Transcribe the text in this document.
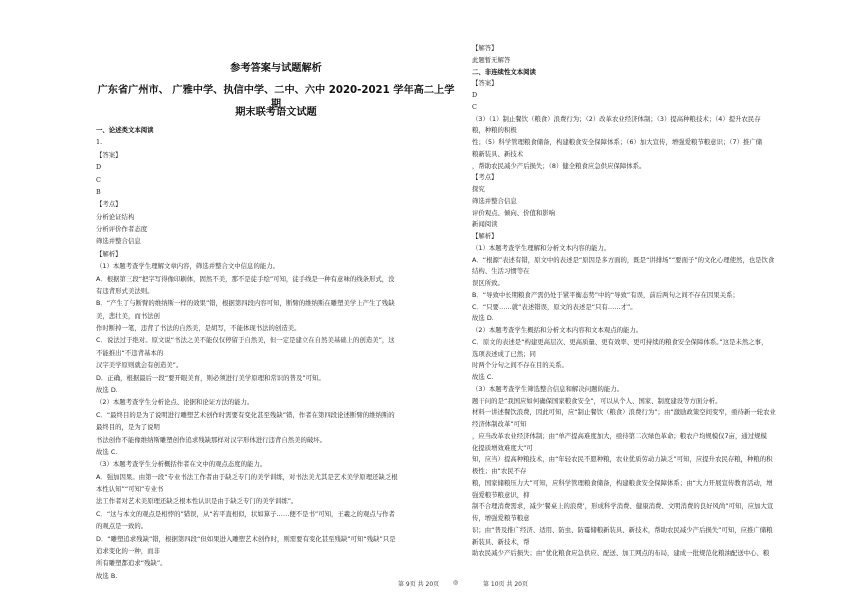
参考答案与试题解析
广东省广州市、 广雅中学、执信中学、二中、六中 2020-2021 学年高二上学期
期末联考语文试题
一、论述类文本阅读
1.
【答案】
D
C
B
【考点】
分析论证结构
分析评价作者态度
筛选并整合信息
【解析】
（1）本题考查学生理解文章内容，筛选并整合文中信息的能力。
A．根据第三段“把字写得像印刷体，固然不美，那不是徒手绘”可知，徒手线是一种有意味的线条形式，没
有违背形式美法则。
B．“产生了与断臂的维纳斯一样的效果”错，根据第四段内容可知，断臂的维纳斯在雕塑美学上产生了残缺
美，悲壮美，而书法创
作时断掉一笔，违背了书法的自然美，是胡写，不能体现书法的创造美。
C．说法过于绝对。原文说“书法之美不能仅仅停留于自然美，但一定是建立在自然美基础上的创造美”，这
不能推出“不违背基本的
汉字美学原则就会有创造美”。
D．正确，根据最后一段“要开眼美育，则必须进行美学原理和常识的普及”可知。
故选 D.
（2）本题考查学生分析论点、论据和论证方法的能力。
C．“最终目的是为了说明进行雕塑艺术创作时需要有变化甚至残缺”错，作者在第四段论述断臂的维纳斯的
最终目的，是为了说明
书法创作不能像维纳斯雕塑创作追求残缺那样对汉字形体进行违背自然美的破坏。
故选 C.
（3）本题考查学生分析概括作者在文中的观点态度的能力。
A．强加因果。由第一段“专业书法工作者由于缺乏专门的美学训练，对书法美尤其是艺术美学原理还缺乏根
本性认知”“可知”专业书
法工作者对艺术美原理还缺乏根本性认识是由于缺乏专门的美学训练”。
C．“这与本文的观点是相悖的”错误，从“若平直相似，状如算子……便不是书”可知，王羲之的观点与作者
的观点是一致的。
D．“雕塑追求残缺”错，根据第四段“但如果进入雕塑艺术创作时，则需要有变化甚至残缺”可知“残缺”只是
追求变化的一种，而非
所有雕塑都追求“残缺”。
故选 B.
【解答】
此题暂无解答
二、非连续性文本阅读
【答案】
D
C
（3）（1）制止餐饮（粮食）浪费行为；（2）改革农业经济体制；（3）提高种粮技术；（4）提升农民存
粮，种粮的积极
性；（5）科学管理粮食储备，构建粮食安全保障体系；（6）加大宣传，增强爱粮节粮意识；（7）推广储
粮新装具、新技术
，帮助农民减少产后损失；（8）健全粮食应急供应保障体系。
【考点】
探究
筛选并整合信息
评价观点、倾向、价值和影响
新闻阅读
【解析】
（1）本题考查学生理解和分析文本内容的能力。
A．“根源”表述有错，原文中的表述是“原因是多方面的，既是“讲排场”“要面子”的文化心理使然，也是饮食
结构、生活习惯等在
误区所致。
B．“导致中长期粮食产需仍处于紧平衡态势”中的“导致”有误，前后两句之间不存在因果关系；
C．“只要……就”表述错误，原文的表述是“只有……才”。
故选 D.
（2）本题考查学生概括和分析文本内容和文本观点的能力。
C．原文的表述是“构建更高层次、更高质量、更有效率、更可持续的粮食安全保障体系。”这是未然之事，
选项表述成了已然；同
时两个分句之间不存在目的关系。
故选 C.
（3）本题考查学生筛选整合信息和解决问题的能力。
题干问的是“我国应如何确保国家粮食安全”，可以从个人、国家、制度建设等方面分析。
材料一讲述餐饮浪费，因此可知，应“制止餐饮（粮食）浪费行为”；由“激励政策空间变窄，亟待新一轮农业
经济体制改革”可知
，应当改革农业经济体制；由“单产提高难度加大，亟待第二次绿色革命；粮农户均规模仅7亩，通过规模
化提质增效难度大”可
知，应当）提高种粮技术，由“年轻农民不愿种粮，农业优质劳动力缺乏”可知，应提升农民存粮，种粮的积
极性；由“农民不存
粮，国家储粮压力大”可知，应科学管理粮食储备，构建粮食安全保障体系；由“大力开展宣传教育活动，增
强爱粮节粮意识，抑
制不合理消费需求，减少‘餐桌上的浪费’，形成科学消费、健康消费、文明消费的良好风尚”可知，应加大宣
传，增强爱粮节粮意
识；由“普及推广经济、适用、防虫、防霉储粮新装具、新技术，帮助农民减少产后损失”可知，应推广储粮
新装具、新技术，帮
助农民减少产后损失；由“优化粮食应急供应、配送、加工网点的布局，建成一批规范化粮油配送中心、粮
第 9页 共 20页 ◎	第 10页 共 20页
